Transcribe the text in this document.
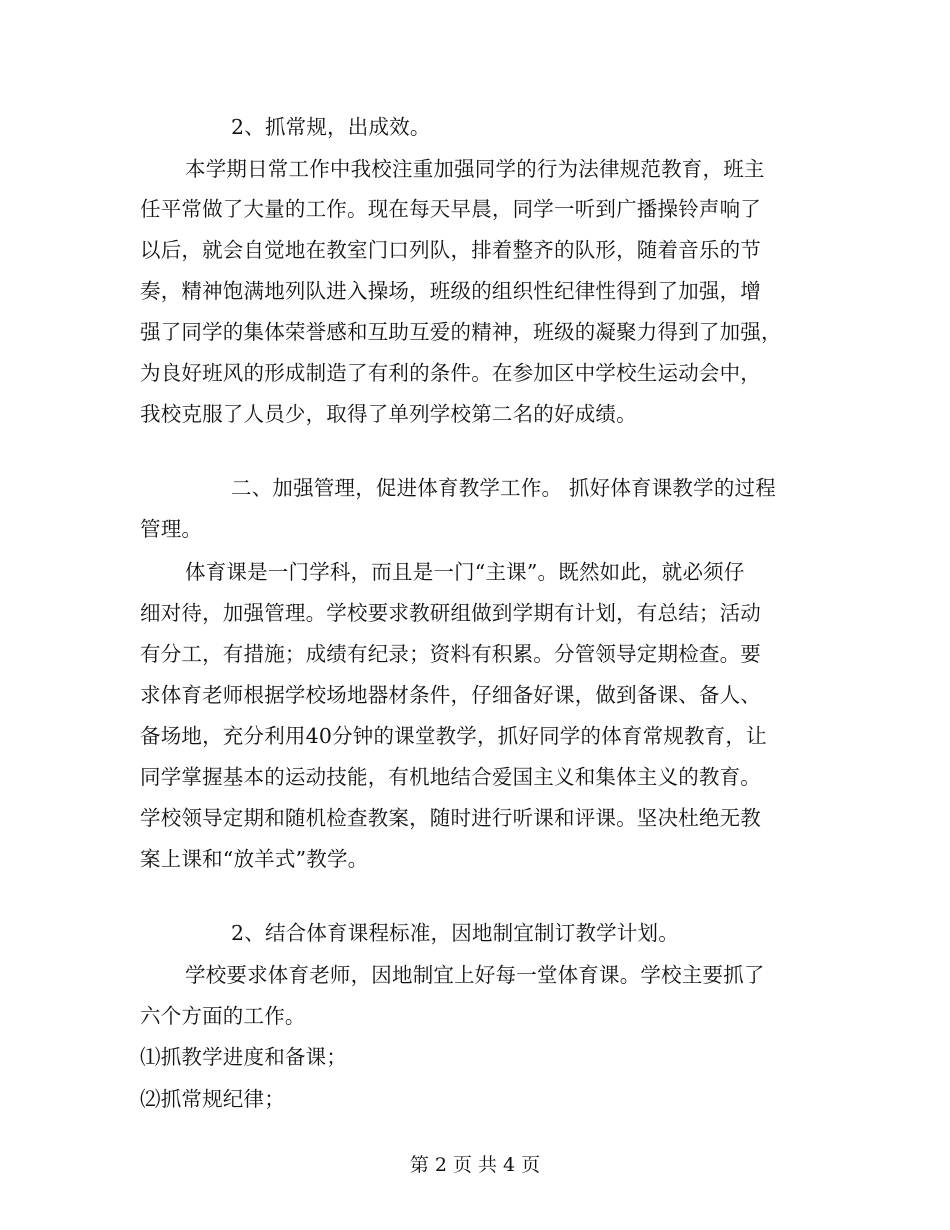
2、抓常规，出成效。
本学期日常工作中我校注重加强同学的行为法律规范教育，班主
任平常做了大量的工作。现在每天早晨，同学一听到广播操铃声响了
以后，就会自觉地在教室门口列队，排着整齐的队形，随着音乐的节
奏，精神饱满地列队进入操场，班级的组织性纪律性得到了加强，增
强了同学的集体荣誉感和互助互爱的精神，班级的凝聚力得到了加强，
为良好班风的形成制造了有利的条件。在参加区中学校生运动会中，
我校克服了人员少，取得了单列学校第二名的好成绩。
二、加强管理，促进体育教学工作。 抓好体育课教学的过程
管理。
体育课是一门学科，而且是一门“主课”。既然如此，就必须仔
细对待，加强管理。学校要求教研组做到学期有计划，有总结；活动
有分工，有措施；成绩有纪录；资料有积累。分管领导定期检查。要
求体育老师根据学校场地器材条件，仔细备好课，做到备课、备人、
备场地，充分利用40分钟的课堂教学，抓好同学的体育常规教育，让
同学掌握基本的运动技能，有机地结合爱国主义和集体主义的教育。
学校领导定期和随机检查教案，随时进行听课和评课。坚决杜绝无教
案上课和“放羊式”教学。
2、结合体育课程标准，因地制宜制订教学计划。
学校要求体育老师，因地制宜上好每一堂体育课。学校主要抓了
六个方面的工作。
⑴抓教学进度和备课；
⑵抓常规纪律；
第 2 页 共 4 页
